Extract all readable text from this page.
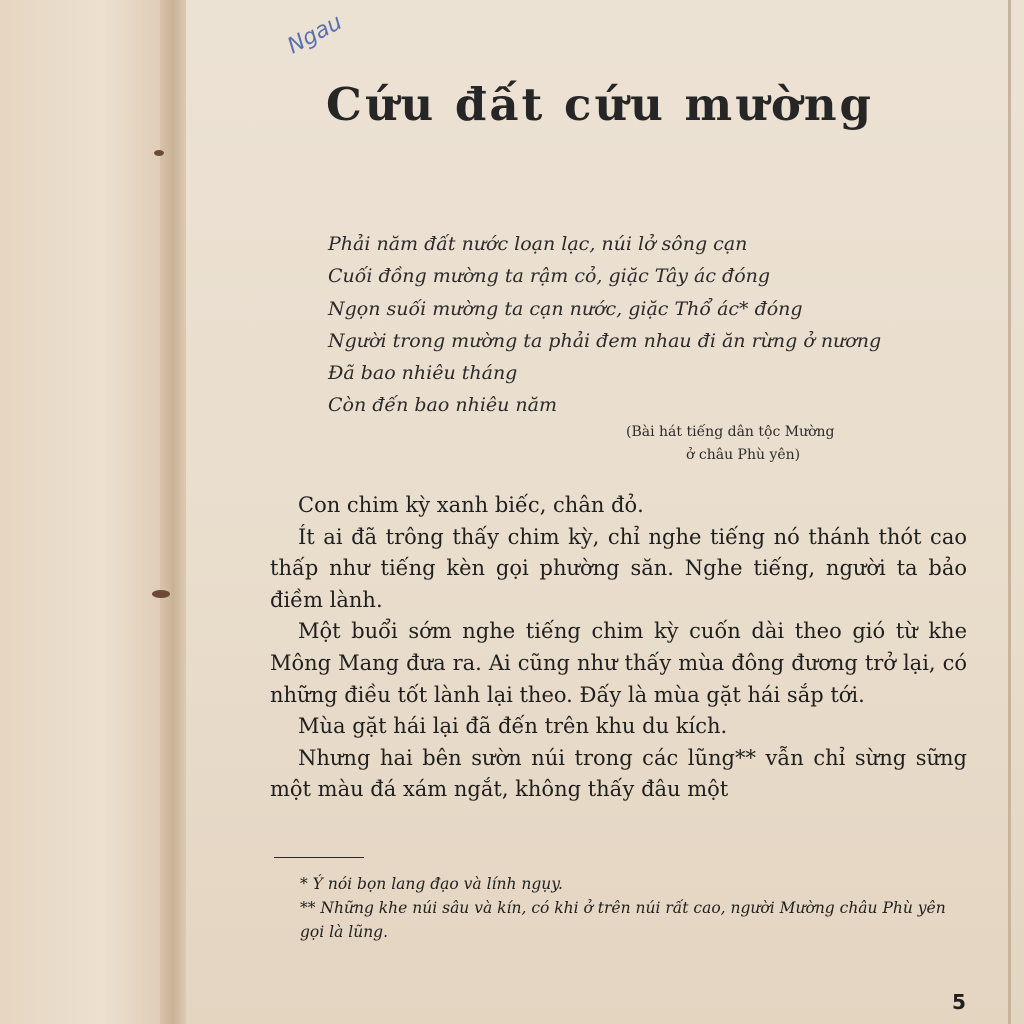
Ngau
Cứu đất cứu mường
Phải năm đất nước loạn lạc, núi lở sông cạn
Cuối đồng mường ta rậm cỏ, giặc Tây ác đóng
Ngọn suối mường ta cạn nước, giặc Thổ ác* đóng
Người trong mường ta phải đem nhau đi ăn rừng ở nương
Đã bao nhiêu tháng
Còn đến bao nhiêu năm
(Bài hát tiếng dân tộc Mường
ở châu Phù yên)

Con chim kỳ xanh biếc, chân đỏ.

Ít ai đã trông thấy chim kỳ, chỉ nghe tiếng nó thánh thót cao thấp như tiếng kèn gọi phường săn. Nghe tiếng, người ta bảo điềm lành.

Một buổi sớm nghe tiếng chim kỳ cuốn dài theo gió từ khe Mông Mang đưa ra. Ai cũng như thấy mùa đông đương trở lại, có những điều tốt lành lại theo. Đấy là mùa gặt hái sắp tới.

Mùa gặt hái lại đã đến trên khu du kích.

Nhưng hai bên sườn núi trong các lũng** vẫn chỉ sừng sững một màu đá xám ngắt, không thấy đâu một

* Ý nói bọn lang đạo và lính ngụy.

** Những khe núi sâu và kín, có khi ở trên núi rất cao, người Mường châu Phù yên gọi là lũng.

5
